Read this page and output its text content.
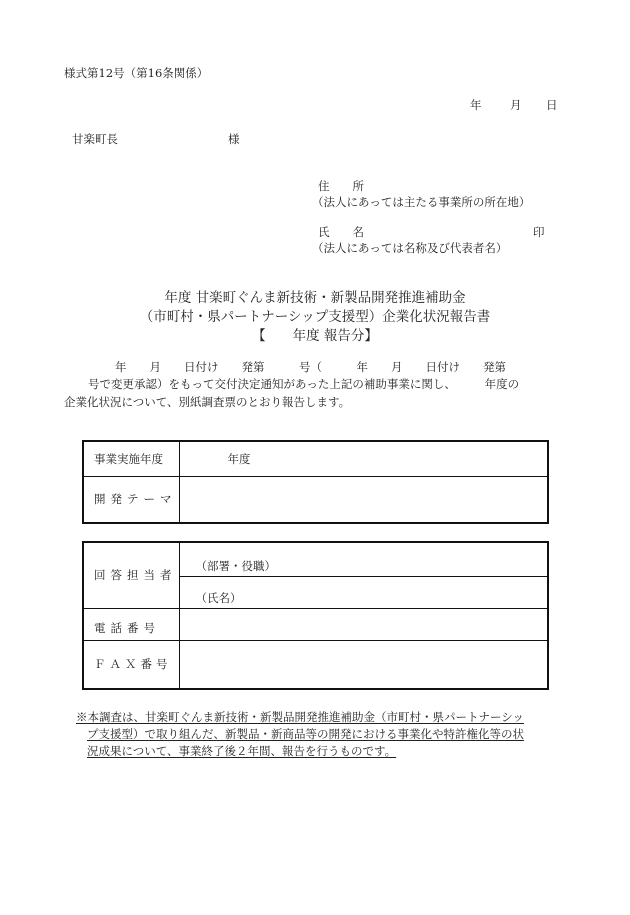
様式第12号（第16条関係）
年 月 日
甘楽町長	様
住　　所
（法人にあっては主たる事業所の所在地）
氏　　名	印
（法人にあっては名称及び代表者名）
年度 甘楽町ぐんま新技術・新製品開発推進補助金
（市町村・県パートナーシップ支援型）企業化状況報告書
【　　年度 報告分】
年　　月　　日付け　　発第　　　号（　　　年　　月　　日付け　　発第
号で変更承認）をもって交付決定通知があった上記の補助事業に関し、　　　年度の
企業化状況について、別紙調査票のとおり報告します。
事業実施年度	年度
開発テーマ	
回答担当者	（部署・役職）
	（氏名）
電話番号	
ＦＡＸ番号	
※本調査は、甘楽町ぐんま新技術・新製品開発推進補助金（市町村・県パートナーシッ
プ支援型）で取り組んだ、新製品・新商品等の開発における事業化や特許権化等の状
況成果について、事業終了後２年間、報告を行うものです。
